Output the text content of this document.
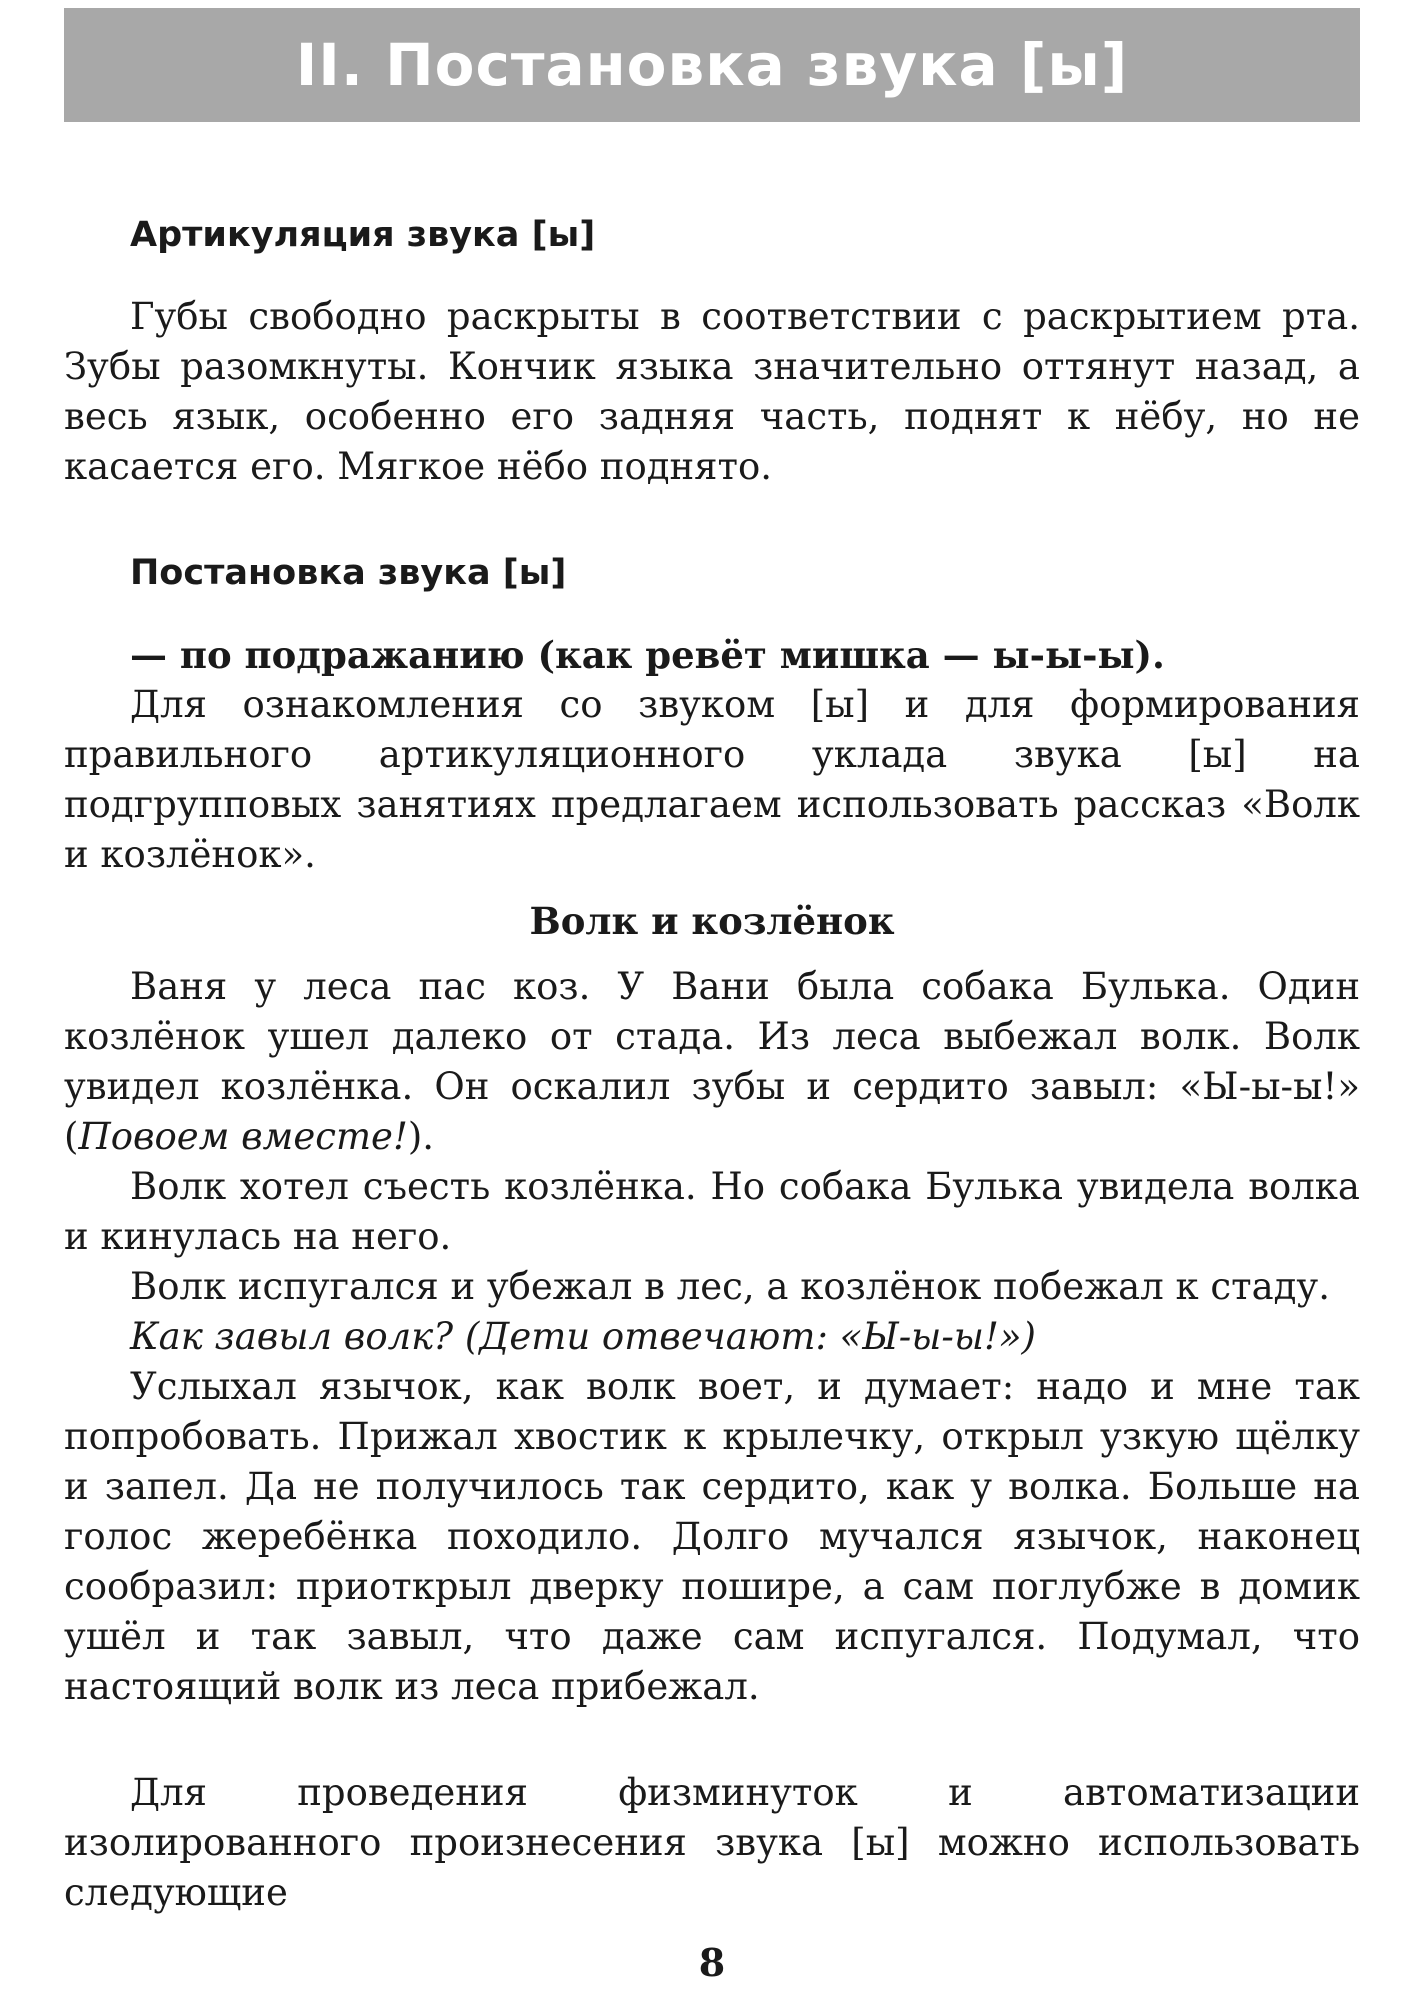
II. Постановка звука [ы]
Артикуляция звука [ы]

Губы свободно раскрыты в соответствии с раскрытием рта. Зубы разомкнуты. Кончик языка значительно оттянут назад, а весь язык, особенно его задняя часть, поднят к нёбу, но не касается его. Мягкое нёбо поднято.

Постановка звука [ы]

— по подражанию (как ревёт мишка — ы-ы-ы).

Для ознакомления со звуком [ы] и для формирования правильного артикуляционного уклада звука [ы] на подгрупповых занятиях предлагаем использовать рассказ «Волк и козлёнок».

Волк и козлёнок

Ваня у леса пас коз. У Вани была собака Булька. Один козлёнок ушел далеко от стада. Из леса выбежал волк. Волк увидел козлёнка. Он оскалил зубы и сердито завыл: «Ы-ы-ы!» (Повоем вместе!).

Волк хотел съесть козлёнка. Но собака Булька увидела волка и кинулась на него.

Волк испугался и убежал в лес, а козлёнок побежал к стаду.

Как завыл волк? (Дети отвечают: «Ы-ы-ы!»)

Услыхал язычок, как волк воет, и думает: надо и мне так попробовать. Прижал хвостик к крылечку, открыл узкую щёлку и запел. Да не получилось так сердито, как у волка. Больше на голос жеребёнка походило. Долго мучался язычок, наконец сообразил: приоткрыл дверку пошире, а сам поглубже в домик ушёл и так завыл, что даже сам испугался. Подумал, что настоящий волк из леса прибежал.

Для проведения физминуток и автоматизации изолированного произнесения звука [ы] можно использовать следующие

8
